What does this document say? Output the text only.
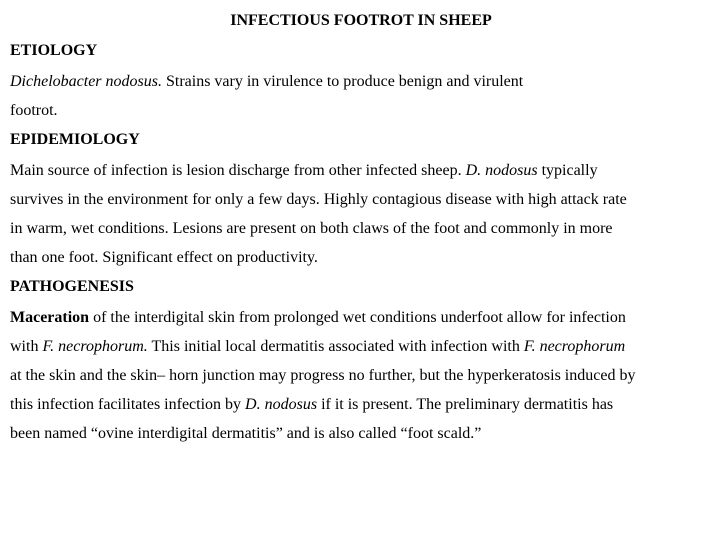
INFECTIOUS FOOTROT IN SHEEP
ETIOLOGY
Dichelobacter nodosus. Strains vary in virulence to produce benign and virulent
footrot.
EPIDEMIOLOGY
Main source of infection is lesion discharge from other infected sheep. D. nodosus typically
survives in the environment for only a few days. Highly contagious disease with high attack rate
in warm, wet conditions. Lesions are present on both claws of the foot and commonly in more
than one foot. Significant effect on productivity.
PATHOGENESIS
Maceration of the interdigital skin from prolonged wet conditions underfoot allow for infection
with F. necrophorum. This initial local dermatitis associated with infection with F. necrophorum
at the skin and the skin– horn junction may progress no further, but the hyperkeratosis induced by
this infection facilitates infection by D. nodosus if it is present. The preliminary dermatitis has
been named “ovine interdigital dermatitis” and is also called “foot scald.”
